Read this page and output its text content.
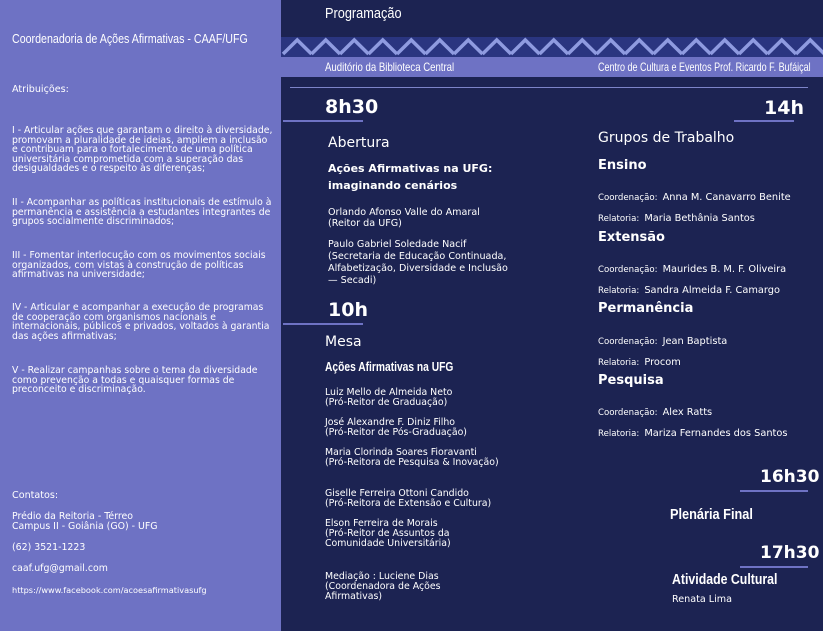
Coordenadoria de Ações Afirmativas - CAAF/UFG
Atribuições:
I - Articular ações que garantam o direito à diversidade, promovam a pluralidade de ideias, ampliem a inclusão e contribuam para o fortalecimento de uma política universitária comprometida com a superação das desigualdades e o respeito às diferenças;
II - Acompanhar as políticas institucionais de estímulo à permanência e assistência a estudantes integrantes de grupos socialmente discriminados;
III - Fomentar interlocução com os movimentos sociais organizados, com vistas à construção de políticas afirmativas na universidade;
IV - Articular e acompanhar a execução de programas de cooperação com organismos nacionais e internacionais, públicos e privados, voltados à garantia das ações afirmativas;
V - Realizar campanhas sobre o tema da diversidade como prevenção a todas e quaisquer formas de preconceito e discriminação.
Contatos:
Prédio da Reitoria - Térreo
Campus II - Goiânia (GO) - UFG
(62) 3521-1223
caaf.ufg@gmail.com
https://www.facebook.com/acoesafirmativasufg
Programação
Auditório da Biblioteca Central	Centro de Cultura e Eventos Prof. Ricardo F. Bufáiçal
8h30
Abertura
Ações Afirmativas na UFG:
imaginando cenários
Orlando Afonso Valle do Amaral
(Reitor da UFG)
Paulo Gabriel Soledade Nacif
(Secretaria de Educação Continuada,
Alfabetização, Diversidade e Inclusão
— Secadi)
10h
Mesa
Ações Afirmativas na UFG
Luiz Mello de Almeida Neto
(Pró-Reitor de Graduação)
José Alexandre F. Diniz Filho
(Pró-Reitor de Pós-Graduação)
Maria Clorinda Soares Fioravanti
(Pró-Reitora de Pesquisa & Inovação)
Giselle Ferreira Ottoni Candido
(Pró-Reitora de Extensão e Cultura)
Elson Ferreira de Morais
(Pró-Reitor de Assuntos da Comunidade Universitária)
Mediação : Luciene Dias
(Coordenadora de Ações Afirmativas)
14h
Grupos de Trabalho
Ensino
Coordenação: Anna M. Canavarro Benite
Relatoria: Maria Bethânia Santos
Extensão
Coordenação: Maurides B. M. F. Oliveira
Relatoria: Sandra Almeida F. Camargo
Permanência
Coordenação: Jean Baptista
Relatoria: Procom
Pesquisa
Coordenação: Alex Ratts
Relatoria: Mariza Fernandes dos Santos
16h30
Plenária Final
17h30
Atividade Cultural
Renata Lima
